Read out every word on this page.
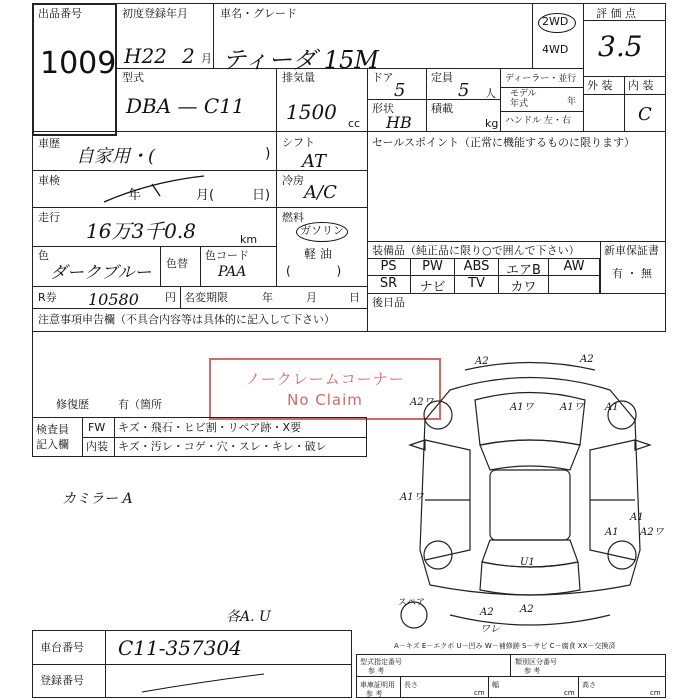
出品番号
1009
初度登録年月
H22 2 月
車名・グレード
ティーダ 15M
2WD
4WD
評 価 点
3.5
型式
DBA — C11
排気量
1500 cc
ドア
5
形状
HB
定員
5 人
積載
kg
ディーラー・並行
モデル
年式	年
ハンドル 左・右
外 装 内 装
C
車歴
自家用・(	)
車検
年	月(	日)
走行
16万3千0.8	km
色
ダークブルー 色替
色コード
PAA
シフト
AT
冷房
A/C
燃料
ガソリン
軽 油
(            )
R券 10580 円 名変期限	年	月	日
セールスポイント（正常に機能するものに限ります）
装備品（純正品に限り○で囲んで下さい） 新車保証書
有 ・ 無
PS	PW	ABS	エアB	AW
SR	ナビ	TV	カワ
後日品
注意事項申告欄（不具合内容等は具体的に記入して下さい）
修復歴	有（箇所
ノークレームコーナー
No Claim
検査員
記入欄
FW キズ・飛石・ヒビ割・リペア跡・X要
内装 キズ・汚レ・コゲ・穴・スレ・キレ・破レ
カミラー A
各A. U
A2	A2
A1ワ
A2ワ	A1ワ A1
A1ワ
A1
A2ワ
U1
A2	A2
ワレ
A1
スペア
A－キズ E－エクボ U－凹み W－補修跡 S－サビ C－腐食 XX－交換済
車台番号 C11-357304
登録番号
型式指定番号
参 考
類別区分番号
参 考
車庫証明用
参 考
長さ
cm
幅
cm
高さ
cm
